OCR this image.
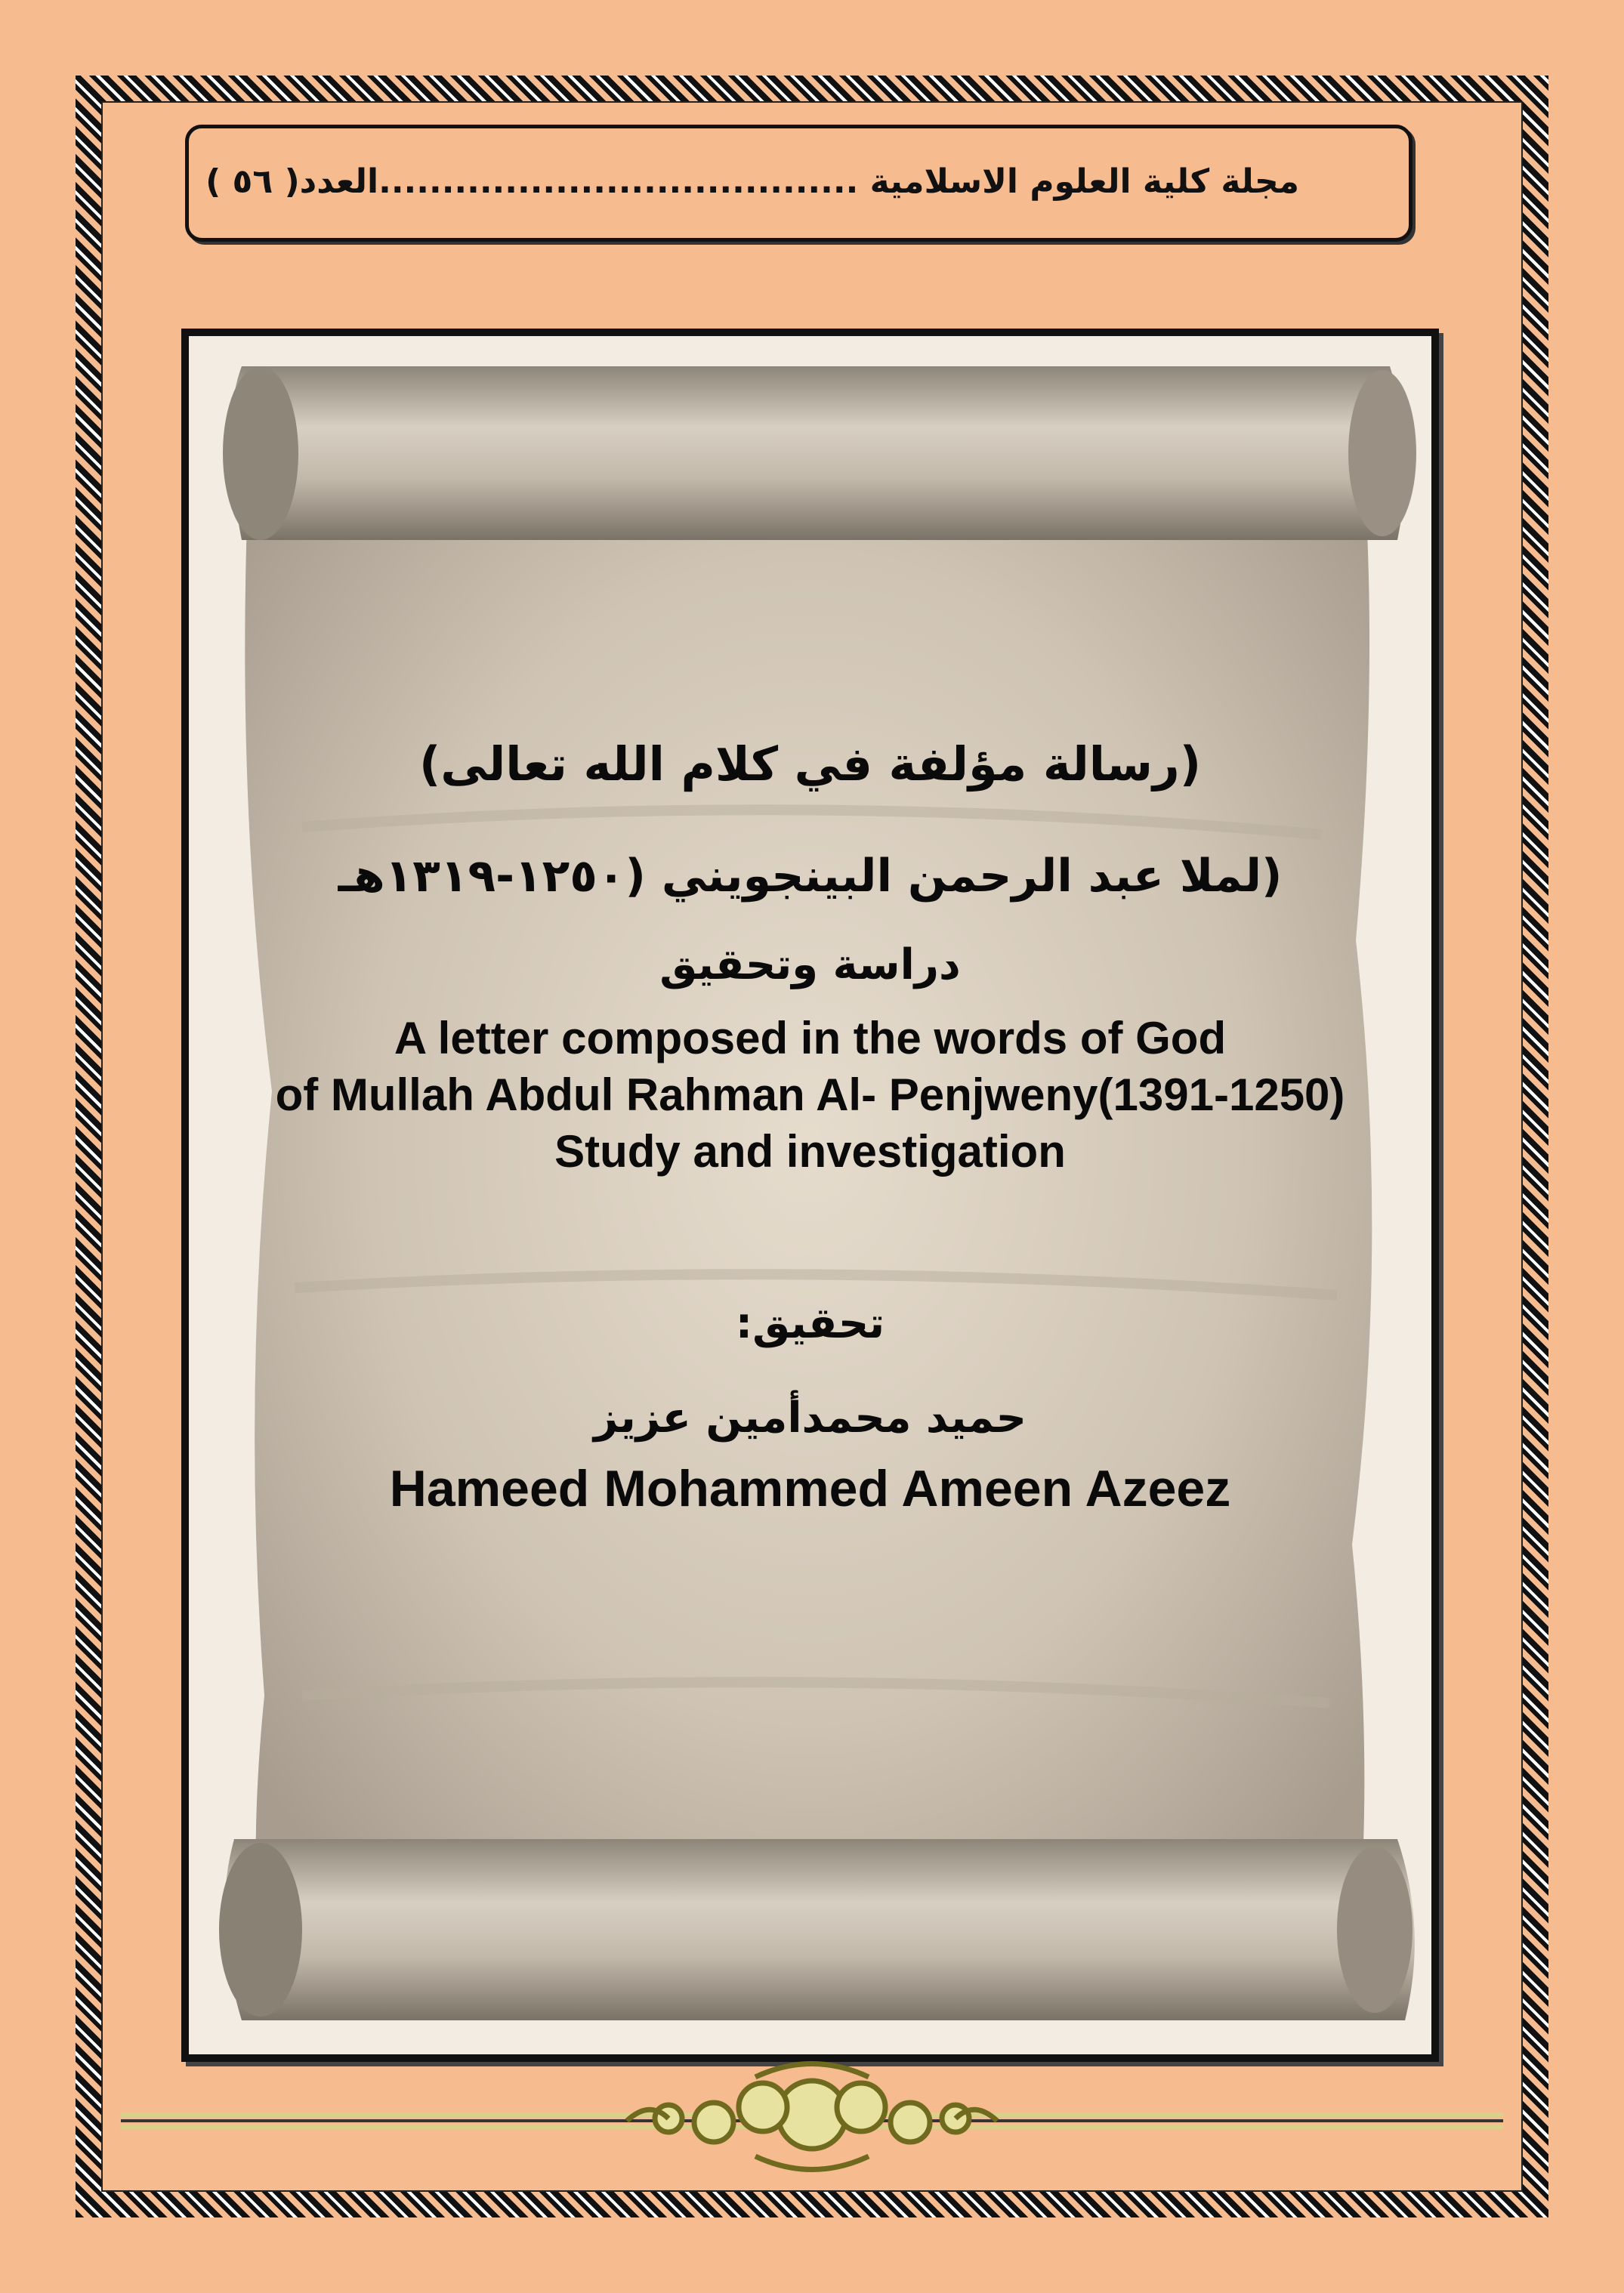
مجلة كلية العلوم الاسلامية ......................................العدد( ٥٦ )
(رسالة مؤلفة في كلام الله تعالى)
(لملا عبد الرحمن البينجويني (١٢٥٠-١٣١٩هـ
دراسة وتحقيق
A letter composed in the words of God
of Mullah Abdul Rahman Al- Penjweny(1391-1250)
Study and investigation
تحقيق:
حميد محمدأمين عزيز
Hameed Mohammed Ameen Azeez
